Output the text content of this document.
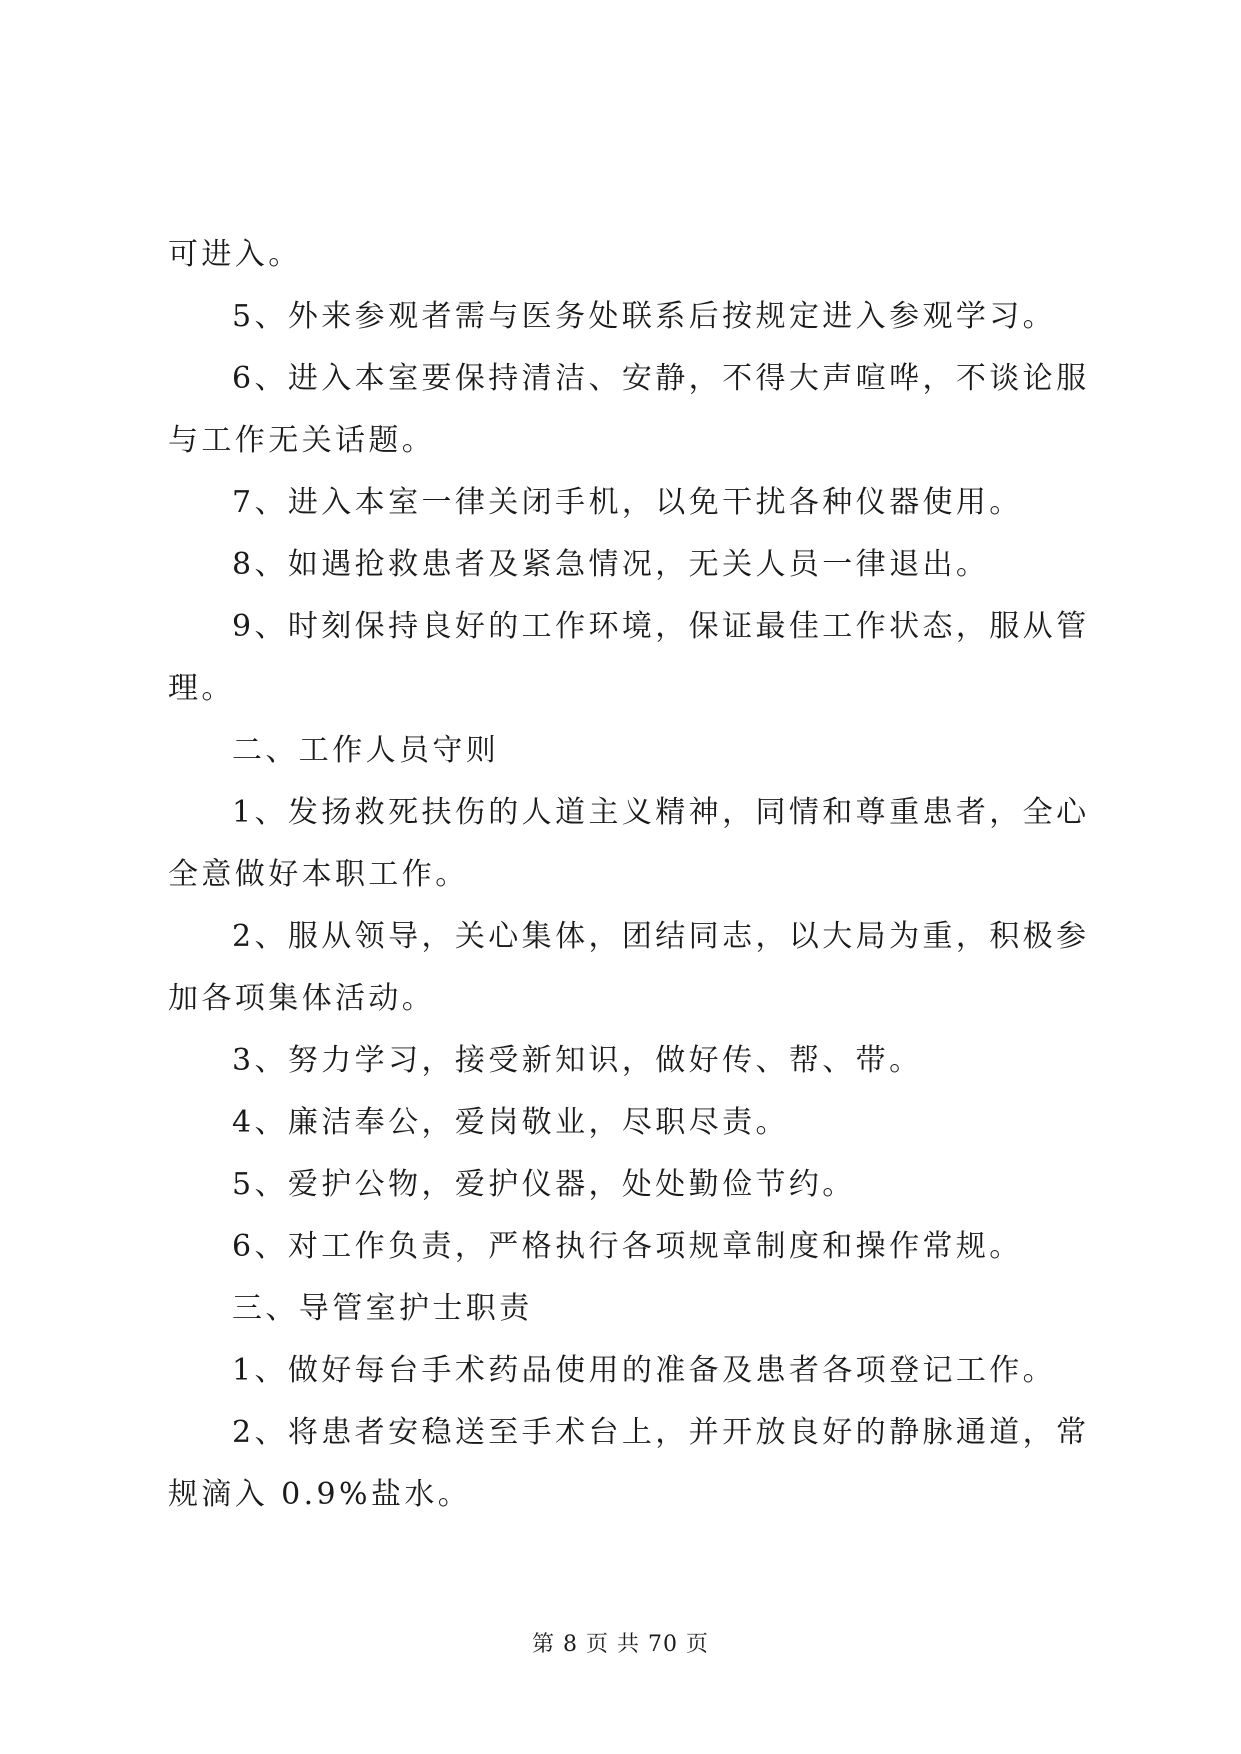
可进入。
5、外来参观者需与医务处联系后按规定进入参观学习。
6、进入本室要保持清洁、安静，不得大声喧哗，不谈论服
与工作无关话题。
7、进入本室一律关闭手机，以免干扰各种仪器使用。
8、如遇抢救患者及紧急情况，无关人员一律退出。
9、时刻保持良好的工作环境，保证最佳工作状态，服从管
理。
二、工作人员守则
1、发扬救死扶伤的人道主义精神，同情和尊重患者，全心
全意做好本职工作。
2、服从领导，关心集体，团结同志，以大局为重，积极参
加各项集体活动。
3、努力学习，接受新知识，做好传、帮、带。
4、廉洁奉公，爱岗敬业，尽职尽责。
5、爱护公物，爱护仪器，处处勤俭节约。
6、对工作负责，严格执行各项规章制度和操作常规。
三、导管室护士职责
1、做好每台手术药品使用的准备及患者各项登记工作。
2、将患者安稳送至手术台上，并开放良好的静脉通道，常
规滴入 0.9%盐水。
第 8 页 共 70 页
